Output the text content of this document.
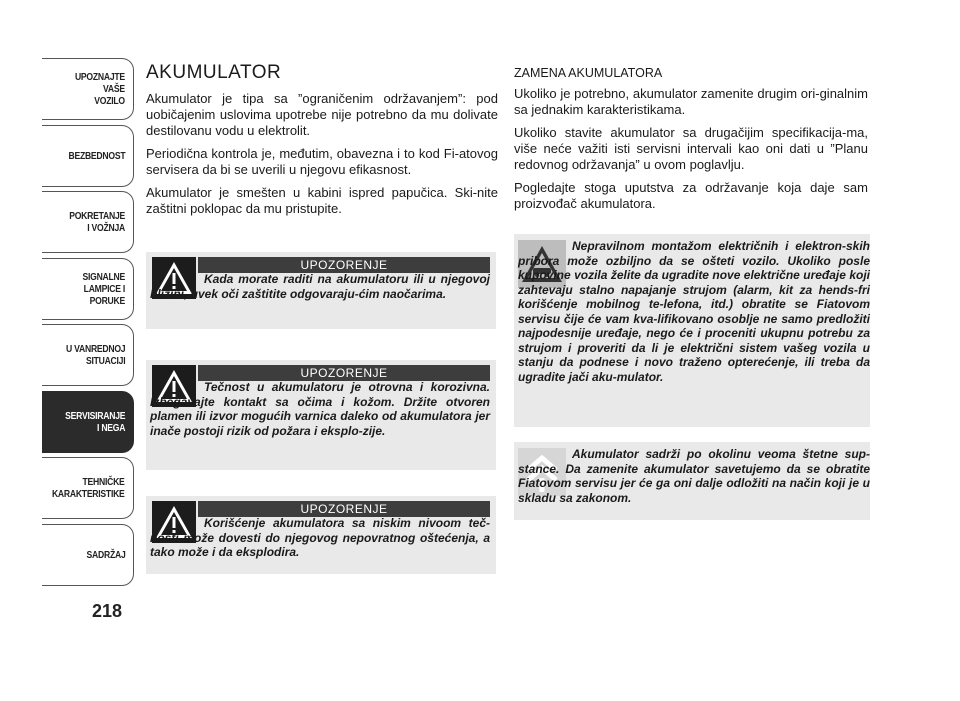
UPOZNAJTE
VAŠE
VOZILO
BEZBEDNOST
POKRETANJE
I VOŽNJA
SIGNALNE
LAMPICE I PORUKE
U VANREDNOJ
SITUACIJI
SERVISIRANJE
I NEGA
TEHNIČKE
KARAKTERISTIKE
SADRŽAJ
218
AKUMULATOR

Akumulator je tipa sa ”ograničenim održavanjem”: pod uobičajenim uslovima upotrebe nije potrebno da mu dolivate destilovanu vodu u elektrolit.

Periodična kontrola je, međutim, obavezna i to kod Fi-atovog servisera da bi se uverili u njegovu efikasnost.

Akumulator je smešten u kabini ispred papučica. Ski-nite zaštitni poklopac da mu pristupite.

UPOZORENJE
Kada morate raditi na akumulatoru ili u njegovoj blizini, uvek oči zaštitite odgovaraju-ćim naočarima.
UPOZORENJE
Tečnost u akumulatoru je otrovna i korozivna. Izbegavajte kontakt sa očima i kožom. Držite otvoren plamen ili izvor mogućih varnica daleko od akumulatora jer inače postoji rizik od požara i eksplo-zije.
UPOZORENJE
Korišćenje akumulatora sa niskim nivoom teč-nosti može dovesti do njegovog nepovratnog oštećenja, a tako može i da eksplodira.
ZAMENA AKUMULATORA

Ukoliko je potrebno, akumulator zamenite drugim ori-ginalnim sa jednakim karakteristikama.

Ukoliko stavite akumulator sa drugačijim specifikacija-ma, više neće važiti isti servisni intervali kao oni dati u ”Planu redovnog održavanja” u ovom poglavlju.

Pogledajte stoga uputstva za održavanje koja daje sam proizvođač akumulatora.

Nepravilnom montažom električnih i elektron-skih pribora može ozbiljno da se ošteti vozilo. Ukoliko posle kupovine vozila želite da ugradite nove električne uređaje koji zahtevaju stalno napajanje strujom (alarm, kit za hends-fri korišćenje mobilnog te-lefona, itd.) obratite se Fiatovom servisu čije će vam kva-lifikovano osoblje ne samo predložiti najpodesnije uređaje, nego će i proceniti ukupnu potrebu za strujom i proveriti da li je električni sistem vašeg vozila u stanju da podnese i novo traženo opterećenje, ili treba da ugradite jači aku-mulator.
Akumulator sadrži po okolinu veoma štetne sup-stance. Da zamenite akumulator savetujemo da se obratite Fiatovom servisu jer će ga oni dalje odložiti na način koji je u skladu sa zakonom.
